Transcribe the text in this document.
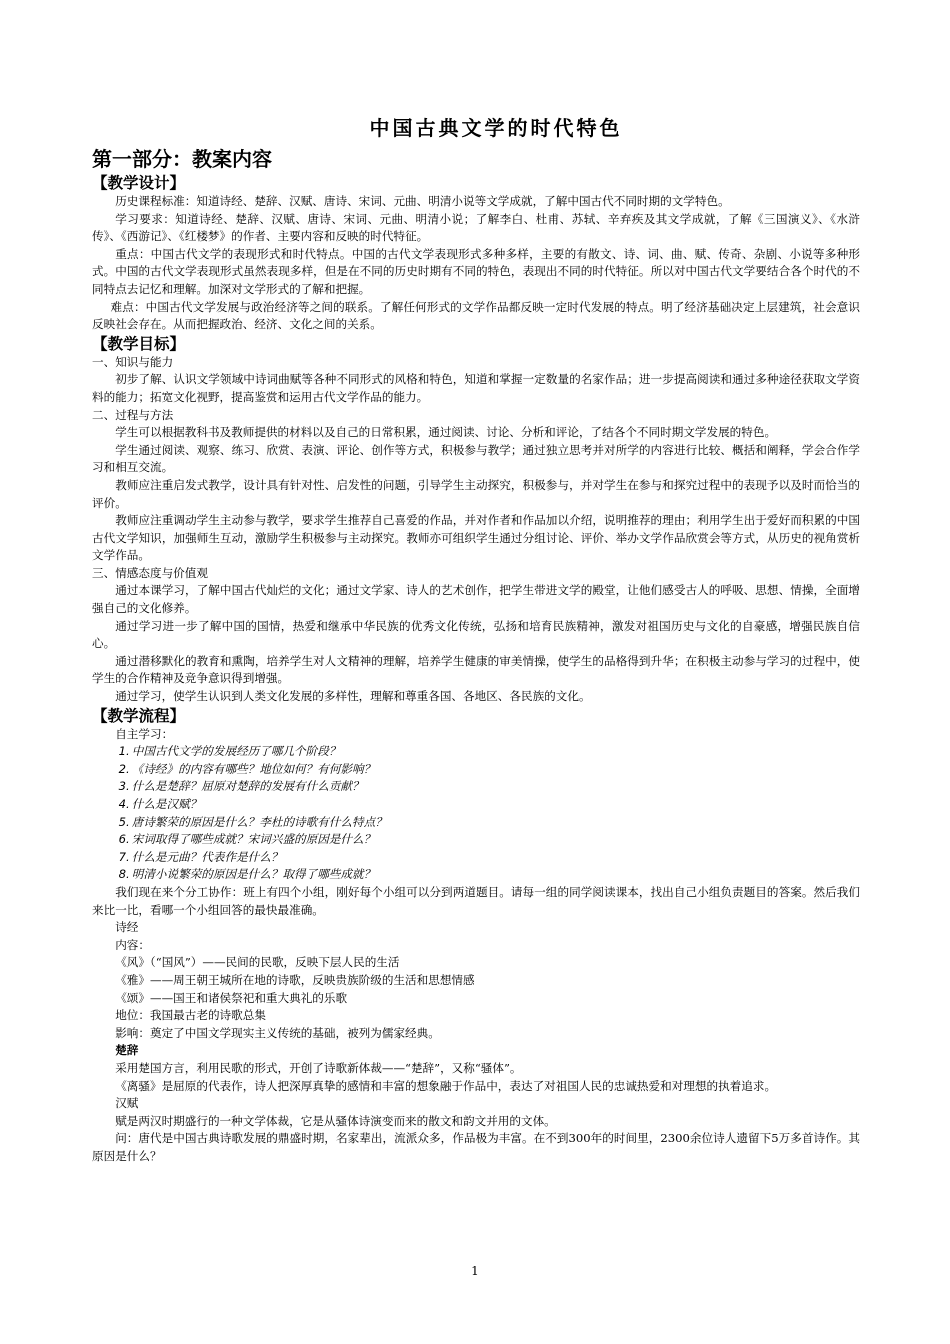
中国古典文学的时代特色
第一部分：教案内容
【教学设计】

历史课程标准：知道诗经、楚辞、汉赋、唐诗、宋词、元曲、明清小说等文学成就，了解中国古代不同时期的文学特色。

学习要求：知道诗经、楚辞、汉赋、唐诗、宋词、元曲、明清小说；了解李白、杜甫、苏轼、辛弃疾及其文学成就，了解《三国演义》、《水浒传》、《西游记》、《红楼梦》的作者、主要内容和反映的时代特征。

重点：中国古代文学的表现形式和时代特点。中国的古代文学表现形式多种多样，主要的有散文、诗、词、曲、赋、传奇、杂剧、小说等多种形式。中国的古代文学表现形式虽然表现多样，但是在不同的历史时期有不同的特色，表现出不同的时代特征。所以对中国古代文学要结合各个时代的不同特点去记忆和理解。加深对文学形式的了解和把握。

难点：中国古代文学发展与政治经济等之间的联系。了解任何形式的文学作品都反映一定时代发展的特点。明了经济基础决定上层建筑，社会意识反映社会存在。从而把握政治、经济、文化之间的关系。

【教学目标】
一、知识与能力

初步了解、认识文学领域中诗词曲赋等各种不同形式的风格和特色，知道和掌握一定数量的名家作品；进一步提高阅读和通过多种途径获取文学资料的能力；拓宽文化视野，提高鉴赏和运用古代文学作品的能力。

二、过程与方法

学生可以根据教科书及教师提供的材料以及自己的日常积累，通过阅读、讨论、分析和评论，了结各个不同时期文学发展的特色。

学生通过阅读、观察、练习、欣赏、表演、评论、创作等方式，积极参与教学；通过独立思考并对所学的内容进行比较、概括和阐释，学会合作学习和相互交流。

教师应注重启发式教学，设计具有针对性、启发性的问题，引导学生主动探究，积极参与，并对学生在参与和探究过程中的表现予以及时而恰当的评价。

教师应注重调动学生主动参与教学，要求学生推荐自己喜爱的作品，并对作者和作品加以介绍，说明推荐的理由；利用学生出于爱好而积累的中国古代文学知识，加强师生互动，激励学生积极参与主动探究。教师亦可组织学生通过分组讨论、评价、举办文学作品欣赏会等方式，从历史的视角赏析文学作品。

三、情感态度与价值观

通过本课学习，了解中国古代灿烂的文化；通过文学家、诗人的艺术创作，把学生带进文学的殿堂，让他们感受古人的呼吸、思想、情操，全面增强自己的文化修养。

通过学习进一步了解中国的国情，热爱和继承中华民族的优秀文化传统，弘扬和培育民族精神，激发对祖国历史与文化的自豪感，增强民族自信心。

通过潜移默化的教育和熏陶，培养学生对人文精神的理解，培养学生健康的审美情操，使学生的品格得到升华；在积极主动参与学习的过程中，使学生的合作精神及竞争意识得到增强。

通过学习，使学生认识到人类文化发展的多样性，理解和尊重各国、各地区、各民族的文化。

【教学流程】

自主学习：

1. 中国古代文学的发展经历了哪几个阶段？
2. 《诗经》的内容有哪些？地位如何？有何影响？
3. 什么是楚辞？屈原对楚辞的发展有什么贡献？
4. 什么是汉赋？
5. 唐诗繁荣的原因是什么？李杜的诗歌有什么特点？
6. 宋词取得了哪些成就？宋词兴盛的原因是什么？
7. 什么是元曲？代表作是什么？
8. 明清小说繁荣的原因是什么？取得了哪些成就？

我们现在来个分工协作：班上有四个小组，刚好每个小组可以分到两道题目。请每一组的同学阅读课本，找出自己小组负责题目的答案。然后我们来比一比，看哪一个小组回答的最快最准确。

诗经

内容：

《风》（“国风”）——民间的民歌，反映下层人民的生活

《雅》——周王朝王城所在地的诗歌，反映贵族阶级的生活和思想情感

《颂》——国王和诸侯祭祀和重大典礼的乐歌

地位：我国最古老的诗歌总集

影响：奠定了中国文学现实主义传统的基础，被列为儒家经典。

楚辞

采用楚国方言，利用民歌的形式，开创了诗歌新体裁——“楚辞”，又称“骚体”。

《离骚》是屈原的代表作，诗人把深厚真挚的感情和丰富的想象融于作品中，表达了对祖国人民的忠诚热爱和对理想的执着追求。

汉赋

赋是两汉时期盛行的一种文学体裁，它是从骚体诗演变而来的散文和韵文并用的文体。

问：唐代是中国古典诗歌发展的鼎盛时期，名家辈出，流派众多，作品极为丰富。在不到300年的时间里，2300余位诗人遗留下5万多首诗作。其原因是什么？

1
